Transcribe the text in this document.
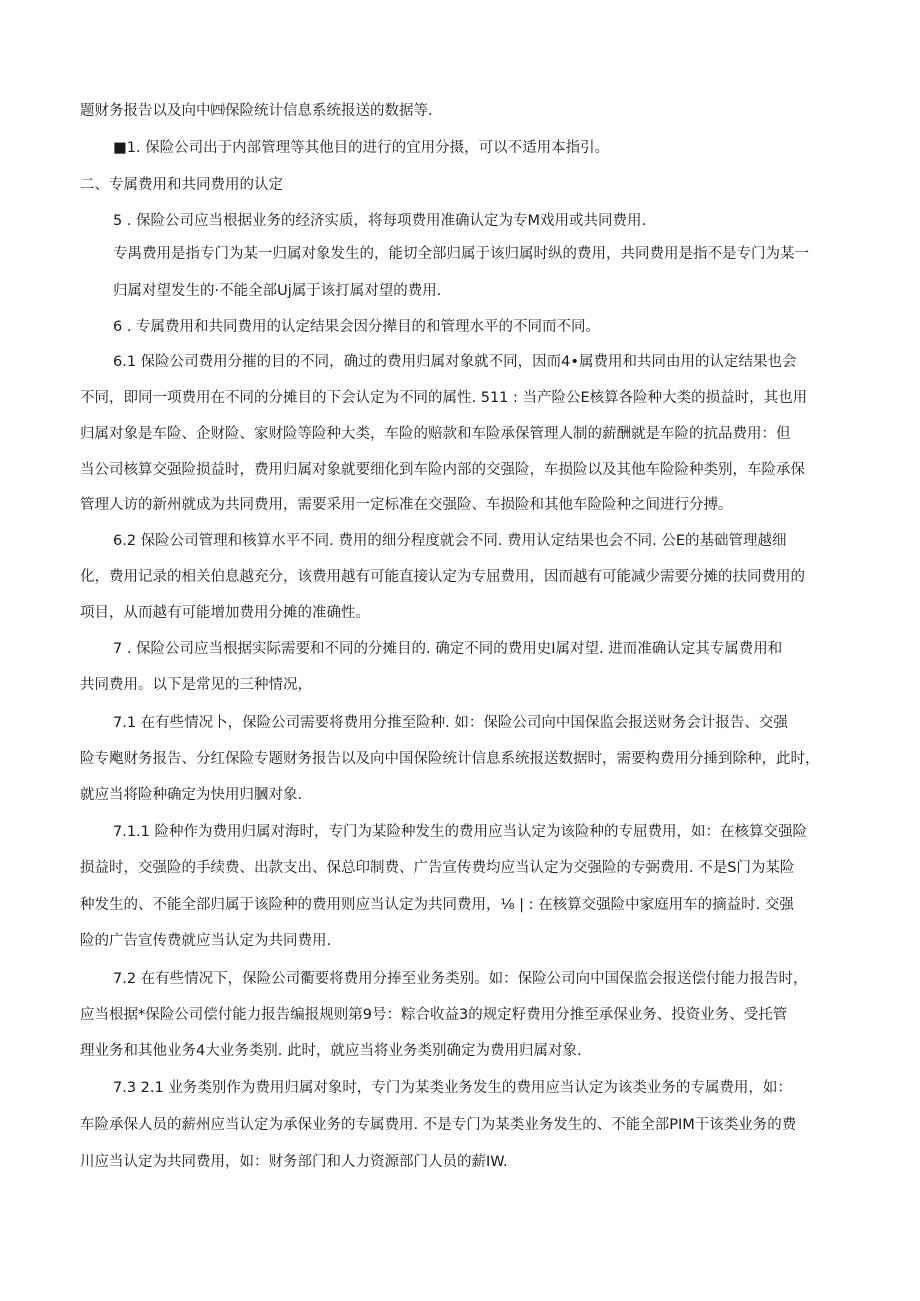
题财务报告以及向中㈣保险统计信息系统报送的数据等.
■1. 保险公司出于内部管理等其他目的进行的宜用分摄，可以不适用本指引。
二、专属费用和共同费用的认定
5 . 保险公司应当根据业务的经济实质，将每项费用准确认定为专M戏用或共同费用.
专禺费用是指专门为某一归属对象发生的，能切全部归属于该归属时纵的费用，共同费用是指不是专门为某一
归属对望发生的·不能全部Uj属于该打属对望的费用.
6 . 专属费用和共同费用的认定结果会因分撵目的和管理水平的不同而不同。
6.1 保险公司费用分摧的目的不同，确过的费用归属对象就不同，因而4•属费用和共同由用的认定结果也会
不同，即同一项费用在不同的分摊目的下会认定为不同的属性. 511 : 当产险公E核算各险种大类的损益时，其也用
归属对象是车险、企财险、家财险等险种大类，车险的赔款和车险承保管理人制的薪酬就是车险的抗品费用：但
当公司核算交强险损益时，费用归属对象就要细化到车险内部的交强险，车损险以及其他车险险种类别，车险承保
管理人访的新州就成为共同费用，需要采用一定标准在交强险、车损险和其他车险险种之间进行分搏。
6.2 保险公司管理和核算水平不同. 费用的细分程度就会不同. 费用认定结果也会不同. 公E的基础管理越细
化，费用记录的相关伯息越充分，该费用越有可能直接认定为专屈费用，因而越有可能减少需要分摊的扶同费用的
项目，从而越有可能增加费用分摊的准确性。
7 . 保险公司应当根据实际需要和不同的分摊目的. 确定不同的费用史I属对望. 进而准确认定其专属费用和
共同费用。以下是常见的三种情况，
7.1 在有些情况卜，保险公司需要将费用分推至险种. 如：保险公司向中国保监会报送财务会计报告、交强
险专飑财务报告、分红保险专题财务报告以及向中国保险统计信息系统报送数据时，需要构费用分捶到除种，此时，
就应当将险种确定为快用归膕对象.
7.1.1 险种作为费用归属对海时，专门为某险种发生的费用应当认定为该险种的专屈费用，如：在核算交强险
损益时，交强险的手续费、出款支出、保总印制费、广告宣传费均应当认定为交强险的专弼费用. 不是S门为某险
种发生的、不能全部归属于该险种的费用则应当认定为共同费用，⅛ | : 在核算交强险中家庭用车的摘益时. 交强
险的广告宣传费就应当认定为共同费用.
7.2 在有些情况下，保险公司衢要将费用分捧至业务类别。如：保险公司向中国保监会报送偿付能力报告时，
应当根据*保险公司偿付能力报告编报规则第9号：粽合收益3的规定籽费用分推至承保业务、投资业务、受托管
理业务和其他业务4大业务类别. 此时，就应当将业务类别确定为费用归属对象.
7.3 2.1 业务类别作为费用归属对象时，专门为某类业务发生的费用应当认定为该类业务的专属费用，如：
车险承保人员的薪州应当认定为承保业务的专属费用. 不是专门为某类业务发生的、不能全部PIM干该类业务的费
川应当认定为共同费用，如：财务部门和人力资源部门人员的薪IW.
